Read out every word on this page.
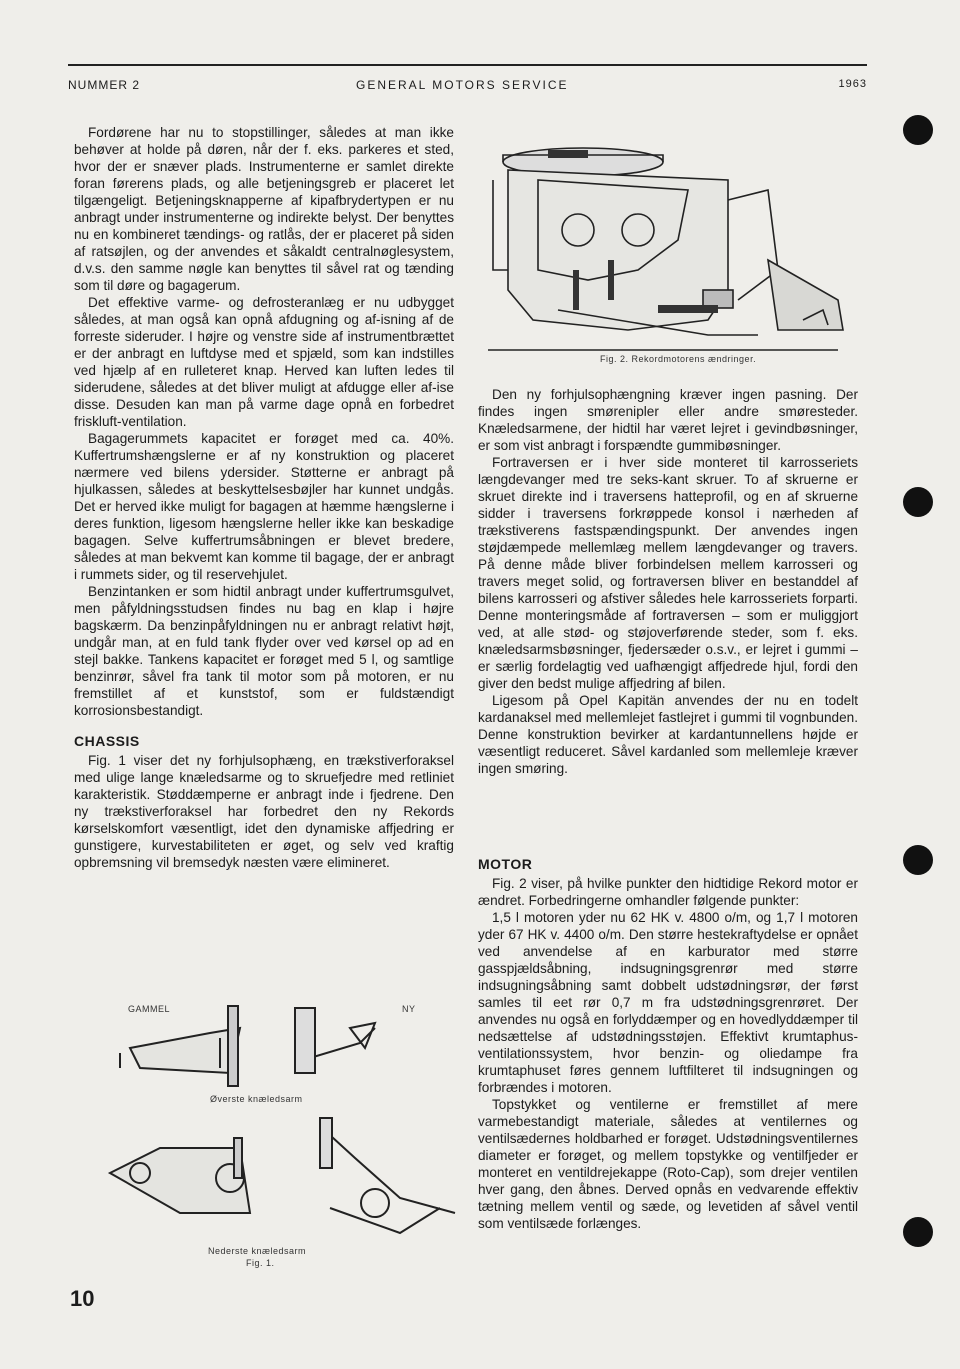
NUMMER 2	GENERAL MOTORS SERVICE	1963

Fordørene har nu to stopstillinger, således at man ikke behøver at holde på døren, når der f. eks. parkeres et sted, hvor der er snæver plads. Instrumenterne er samlet direkte foran førerens plads, og alle betjeningsgreb er placeret let tilgængeligt. Betjeningsknapperne af kipafbrydertypen er nu anbragt under instrumenterne og indirekte belyst. Der benyttes nu en kombineret tændings- og ratlås, der er placeret på siden af ratsøjlen, og der anvendes et såkaldt centralnøglesystem, d.v.s. den samme nøgle kan benyttes til såvel rat og tænding som til døre og bagagerum.

Det effektive varme- og defrosteranlæg er nu udbygget således, at man også kan opnå afdugning og af-isning af de forreste sideruder. I højre og venstre side af instrumentbrættet er der anbragt en luftdyse med et spjæld, som kan indstilles ved hjælp af en rulleteret knap. Herved kan luften ledes til siderudene, således at det bliver muligt at afdugge eller af-ise disse. Desuden kan man på varme dage opnå en forbedret friskluft-ventilation.

Bagagerummets kapacitet er forøget med ca. 40%. Kuffertrumshængslerne er af ny konstruktion og placeret nærmere ved bilens ydersider. Støtterne er anbragt på hjulkassen, således at beskyttelsesbøjler har kunnet undgås. Det er herved ikke muligt for bagagen at hæmme hængslerne i deres funktion, ligesom hængslerne heller ikke kan beskadige bagagen. Selve kuffertrumsåbningen er blevet bredere, således at man bekvemt kan komme til bagage, der er anbragt i rummets sider, og til reservehjulet.

Benzintanken er som hidtil anbragt under kuffertrumsgulvet, men påfyldningsstudsen findes nu bag en klap i højre bagskærm. Da benzinpåfyldningen nu er anbragt relativt højt, undgår man, at en fuld tank flyder over ved kørsel op ad en stejl bakke. Tankens kapacitet er forøget med 5 l, og samtlige benzinrør, såvel fra tank til motor som på motoren, er nu fremstillet af et kunststof, som er fuldstændigt korrosionsbestandigt.

CHASSIS

Fig. 1 viser det ny forhjulsophæng, en trækstiverforaksel med ulige lange knæledsarme og to skruefjedre med retliniet karakteristik. Støddæmperne er anbragt inde i fjedrene. Den ny trækstiverforaksel har forbedret den ny Rekords kørselskomfort væsentligt, idet den dynamiske affjedring er gunstigere, kurvestabiliteten er øget, og selv ved kraftig opbremsning vil bremsedyk næsten være elimineret.

Fig. 2. Rekordmotorens ændringer.

Den ny forhjulsophængning kræver ingen pasning. Der findes ingen smørenipler eller andre smøresteder. Knæledsarmene, der hidtil har været lejret i gevindbøsninger, er som vist anbragt i forspændte gummibøsninger.

Fortraversen er i hver side monteret til karrosseriets længdevanger med tre seks-kant skruer. To af skruerne er skruet direkte ind i traversens hatteprofil, og en af skruerne sidder i traversens forkrøppede konsol i nærheden af trækstiverens fastspændingspunkt. Der anvendes ingen støjdæmpede mellemlæg mellem længdevanger og travers. På denne måde bliver forbindelsen mellem karrosseri og travers meget solid, og fortraversen bliver en bestanddel af bilens karrosseri og afstiver således hele karrosseriets forparti. Denne monteringsmåde af fortraversen – som er muliggjort ved, at alle stød- og støjoverførende steder, som f. eks. knæledsarmsbøsninger, fjedersæder o.s.v., er lejret i gummi – er særlig fordelagtig ved uafhængigt affjedrede hjul, fordi den giver den bedst mulige affjedring af bilen.

Ligesom på Opel Kapitän anvendes der nu en todelt kardanaksel med mellemlejet fastlejret i gummi til vognbunden. Denne konstruktion bevirker at kardantunnellens højde er væsentligt reduceret. Såvel kardanled som mellemleje kræver ingen smøring.

MOTOR

Fig. 2 viser, på hvilke punkter den hidtidige Rekord motor er ændret. Forbedringerne omhandler følgende punkter:

1,5 l motoren yder nu 62 HK v. 4800 o/m, og 1,7 l motoren yder 67 HK v. 4400 o/m. Den større hestekraftydelse er opnået ved anvendelse af en karburator med større gasspjældsåbning, indsugningsgrenrør med større indsugningsåbning samt dobbelt udstødningsrør, der først samles til eet rør 0,7 m fra udstødningsgrenrøret. Der anvendes nu også en forlyddæmper og en hovedlyddæmper til nedsættelse af udstødningsstøjen. Effektivt krumtaphus-ventilationssystem, hvor benzin- og oliedampe fra krumtaphuset føres gennem luftfilteret til indsugningen og forbrændes i motoren.

Topstykket og ventilerne er fremstillet af mere varmebestandigt materiale, således at ventilernes og ventilsædernes holdbarhed er forøget. Udstødningsventilernes diameter er forøget, og mellem topstykke og ventilfjeder er monteret en ventildrejekappe (Roto-Cap), som drejer ventilen hver gang, den åbnes. Derved opnås en vedvarende effektiv tætning mellem ventil og sæde, og levetiden af såvel ventil som ventilsæde forlænges.

GAMMEL	NY
Øverste knæledsarm
Nederste knæledsarm
Fig. 1.
10
